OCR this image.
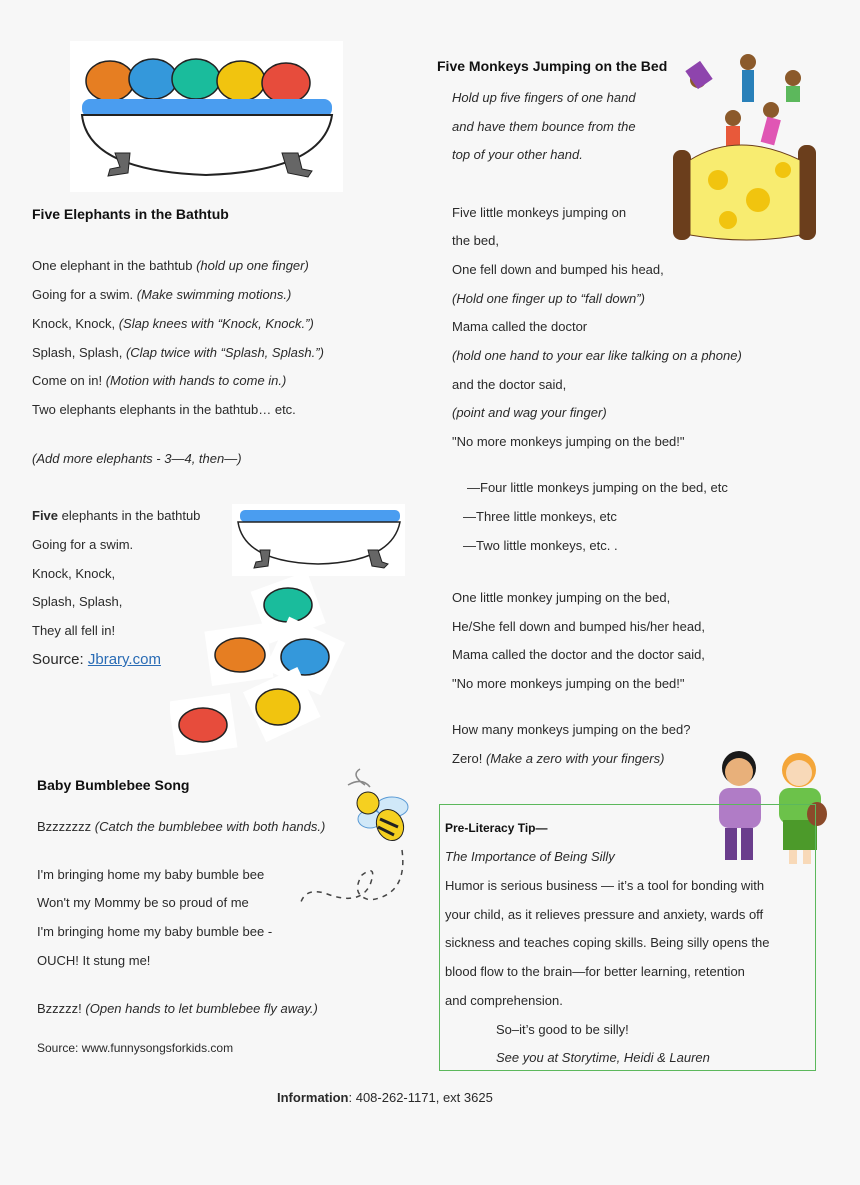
Five Elephants in the Bathtub
One elephant in the bathtub (hold up one finger)
Going for a swim. (Make swimming motions.)
Knock, Knock, (Slap knees with “Knock, Knock.”)
Splash, Splash, (Clap twice with “Splash, Splash.”)
Come on in! (Motion with hands to come in.)
Two elephants elephants in the bathtub… etc.
(Add more elephants - 3—4, then—)
Five elephants in the bathtub
Going for a swim.
Knock, Knock,
Splash, Splash,
They all fell in!
Source: Jbrary.com
Baby Bumblebee Song
Bzzzzzzz (Catch the bumblebee with both hands.)
I'm bringing home my baby bumble bee
Won't my Mommy be so proud of me
I'm bringing home my baby bumble bee -
OUCH! It stung me!
Bzzzzz! (Open hands to let bumblebee fly away.)
Source: www.funnysongsforkids.com
Five Monkeys Jumping on the Bed
Hold up five fingers of one hand
and have them bounce from the
top of your other hand.
Five little monkeys jumping on
the bed,
One fell down and bumped his head,
(Hold one finger up to “fall down”)
Mama called the doctor
(hold one hand to your ear like talking on a phone)
and the doctor said,
(point and wag your finger)
"No more monkeys jumping on the bed!"
—Four little monkeys jumping on the bed, etc
—Three little monkeys, etc
—Two little monkeys, etc. .
One little monkey jumping on the bed,
He/She fell down and bumped his/her head,
Mama called the doctor and the doctor said,
"No more monkeys jumping on the bed!"
How many monkeys jumping on the bed?
Zero! (Make a zero with your fingers)
Pre-Literacy Tip—
The Importance of Being Silly
Humor is serious business — it’s a tool for bonding with
your child, as it relieves pressure and anxiety, wards off
sickness and teaches coping skills. Being silly opens the
blood flow to the brain—for better learning, retention
and comprehension.
So–it’s good to be silly!
See you at Storytime, Heidi & Lauren
Information: 408-262-1171, ext 3625
